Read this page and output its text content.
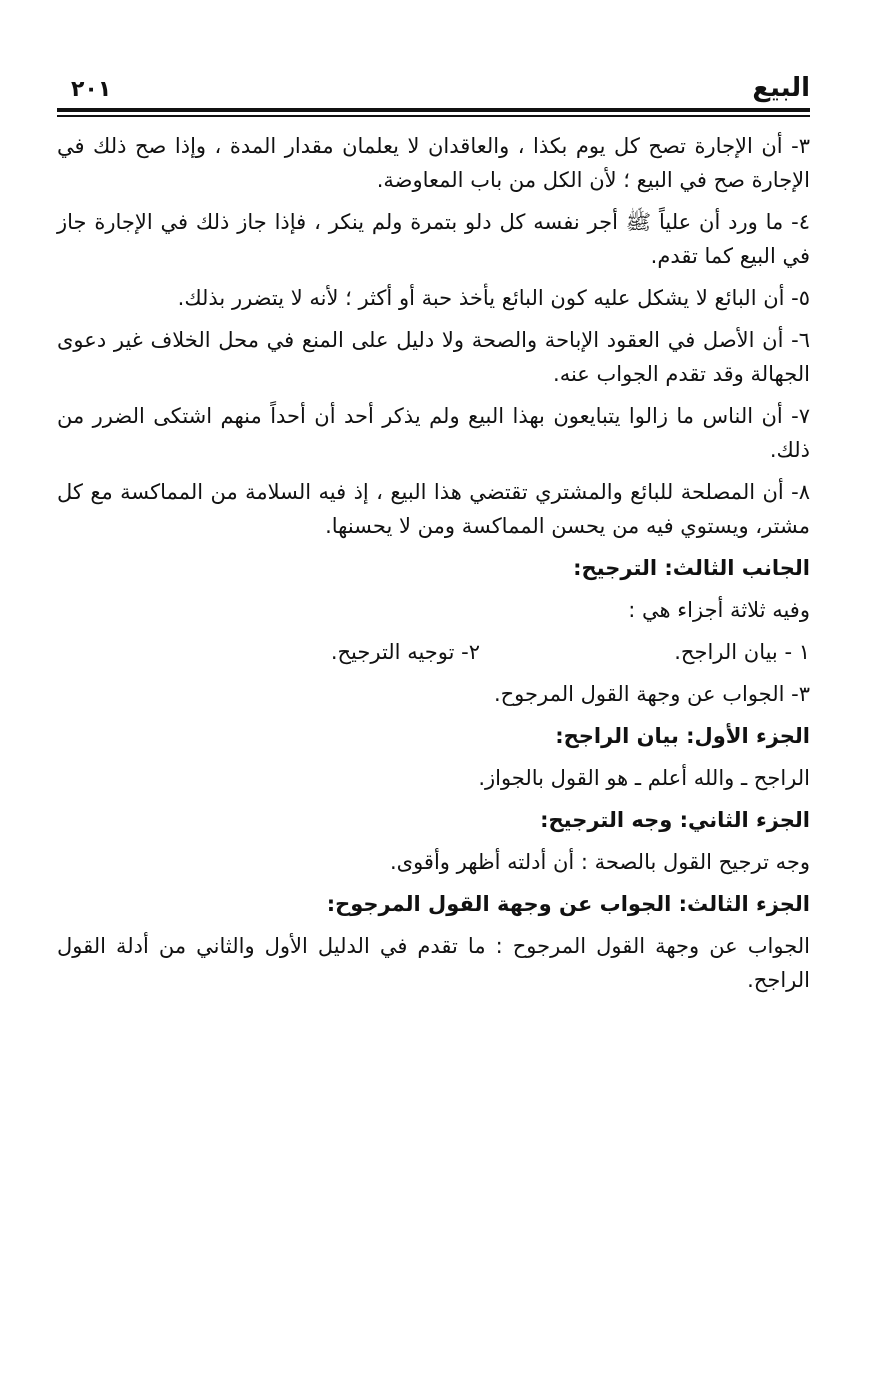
البيع
٢٠١

٣- أن الإجارة تصح كل يوم بكذا ، والعاقدان لا يعلمان مقدار المدة ، وإذا صح ذلك في الإجارة صح في البيع ؛ لأن الكل من باب المعاوضة.

٤- ما ورد أن علياً ﷺ أجر نفسه كل دلو بتمرة ولم ينكر ، فإذا جاز ذلك في الإجارة جاز في البيع كما تقدم.

٥- أن البائع لا يشكل عليه كون البائع يأخذ حبة أو أكثر ؛ لأنه لا يتضرر بذلك.

٦- أن الأصل في العقود الإباحة والصحة ولا دليل على المنع في محل الخلاف غير دعوى الجهالة وقد تقدم الجواب عنه.

٧- أن الناس ما زالوا يتبايعون بهذا البيع ولم يذكر أحد أن أحداً منهم اشتكى الضرر من ذلك.

٨- أن المصلحة للبائع والمشتري تقتضي هذا البيع ، إذ فيه السلامة من المماكسة مع كل مشتر، ويستوي فيه من يحسن المماكسة ومن لا يحسنها.

الجانب الثالث: الترجيح:
وفيه ثلاثة أجزاء هي :
١ - بيان الراجح.
٢- توجيه الترجيح.
٣- الجواب عن وجهة القول المرجوح.
الجزء الأول: بيان الراجح:
الراجح ـ والله أعلم ـ هو القول بالجواز.
الجزء الثاني: وجه الترجيح:
وجه ترجيح القول بالصحة : أن أدلته أظهر وأقوى.
الجزء الثالث: الجواب عن وجهة القول المرجوح:

الجواب عن وجهة القول المرجوح : ما تقدم في الدليل الأول والثاني من أدلة القول الراجح.
